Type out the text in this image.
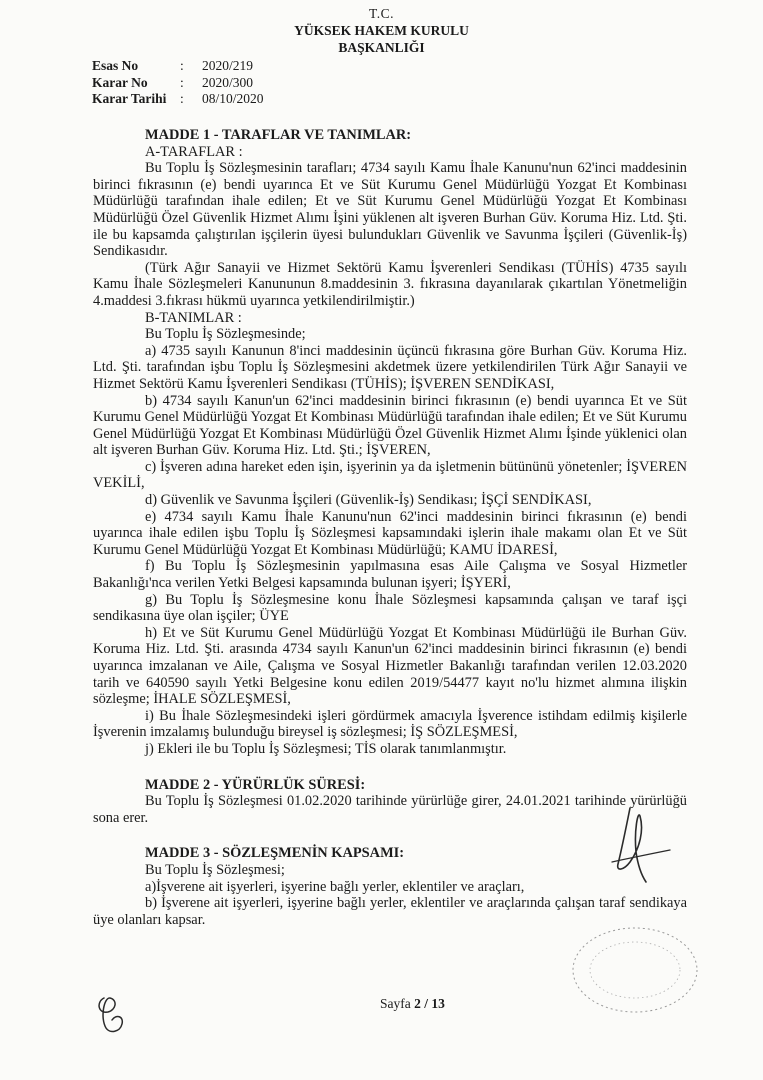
T.C.
YÜKSEK HAKEM KURULU
BAŞKANLIĞI
Esas No	:	2020/219
Karar No	:	2020/300
Karar Tarihi	:	08/10/2020

MADDE 1 - TARAFLAR VE TANIMLAR:

A-TARAFLAR :

Bu Toplu İş Sözleşmesinin tarafları; 4734 sayılı Kamu İhale Kanunu'nun 62'inci maddesinin birinci fıkrasının (e) bendi uyarınca Et ve Süt Kurumu Genel Müdürlüğü Yozgat Et Kombinası Müdürlüğü tarafından ihale edilen; Et ve Süt Kurumu Genel Müdürlüğü Yozgat Et Kombinası Müdürlüğü Özel Güvenlik Hizmet Alımı İşini yüklenen alt işveren Burhan Güv. Koruma Hiz. Ltd. Şti. ile bu kapsamda çalıştırılan işçilerin üyesi bulundukları Güvenlik ve Savunma İşçileri (Güvenlik-İş) Sendikasıdır.

(Türk Ağır Sanayii ve Hizmet Sektörü Kamu İşverenleri Sendikası (TÜHİS) 4735 sayılı Kamu İhale Sözleşmeleri Kanununun 8.maddesinin 3. fıkrasına dayanılarak çıkartılan Yönetmeliğin 4.maddesi 3.fıkrası hükmü uyarınca yetkilendirilmiştir.)

B-TANIMLAR :

Bu Toplu İş Sözleşmesinde;

a) 4735 sayılı Kanunun 8'inci maddesinin üçüncü fıkrasına göre Burhan Güv. Koruma Hiz. Ltd. Şti. tarafından işbu Toplu İş Sözleşmesini akdetmek üzere yetkilendirilen Türk Ağır Sanayii ve Hizmet Sektörü Kamu İşverenleri Sendikası (TÜHİS); İŞVEREN SENDİKASI,

b) 4734 sayılı Kanun'un 62'inci maddesinin birinci fıkrasının (e) bendi uyarınca Et ve Süt Kurumu Genel Müdürlüğü Yozgat Et Kombinası Müdürlüğü tarafından ihale edilen; Et ve Süt Kurumu Genel Müdürlüğü Yozgat Et Kombinası Müdürlüğü Özel Güvenlik Hizmet Alımı İşinde yüklenici olan alt işveren Burhan Güv. Koruma Hiz. Ltd. Şti.; İŞVEREN,

c) İşveren adına hareket eden işin, işyerinin ya da işletmenin bütününü yönetenler; İŞVEREN VEKİLİ,

d) Güvenlik ve Savunma İşçileri (Güvenlik-İş) Sendikası; İŞÇİ SENDİKASI,

e) 4734 sayılı Kamu İhale Kanunu'nun 62'inci maddesinin birinci fıkrasının (e) bendi uyarınca ihale edilen işbu Toplu İş Sözleşmesi kapsamındaki işlerin ihale makamı olan Et ve Süt Kurumu Genel Müdürlüğü Yozgat Et Kombinası Müdürlüğü; KAMU İDARESİ,

f) Bu Toplu İş Sözleşmesinin yapılmasına esas Aile Çalışma ve Sosyal Hizmetler Bakanlığı'nca verilen Yetki Belgesi kapsamında bulunan işyeri; İŞYERİ,

g) Bu Toplu İş Sözleşmesine konu İhale Sözleşmesi kapsamında çalışan ve taraf işçi sendikasına üye olan işçiler; ÜYE

h) Et ve Süt Kurumu Genel Müdürlüğü Yozgat Et Kombinası Müdürlüğü ile Burhan Güv. Koruma Hiz. Ltd. Şti. arasında 4734 sayılı Kanun'un 62'inci maddesinin birinci fıkrasının (e) bendi uyarınca imzalanan ve Aile, Çalışma ve Sosyal Hizmetler Bakanlığı tarafından verilen 12.03.2020 tarih ve 640590 sayılı Yetki Belgesine konu edilen 2019/54477 kayıt no'lu hizmet alımına ilişkin sözleşme; İHALE SÖZLEŞMESİ,

i) Bu İhale Sözleşmesindeki işleri gördürmek amacıyla İşverence istihdam edilmiş kişilerle İşverenin imzalamış bulunduğu bireysel iş sözleşmesi; İŞ SÖZLEŞMESİ,

j) Ekleri ile bu Toplu İş Sözleşmesi; TİS olarak tanımlanmıştır.

MADDE 2 - YÜRÜRLÜK SÜRESİ:

Bu Toplu İş Sözleşmesi 01.02.2020 tarihinde yürürlüğe girer, 24.01.2021 tarihinde yürürlüğü sona erer.

MADDE 3 - SÖZLEŞMENİN KAPSAMI:

Bu Toplu İş Sözleşmesi;

a)İşverene ait işyerleri, işyerine bağlı yerler, eklentiler ve araçları,

b) İşverene ait işyerleri, işyerine bağlı yerler, eklentiler ve araçlarında çalışan taraf sendikaya üye olanları kapsar.

Sayfa 2 / 13
